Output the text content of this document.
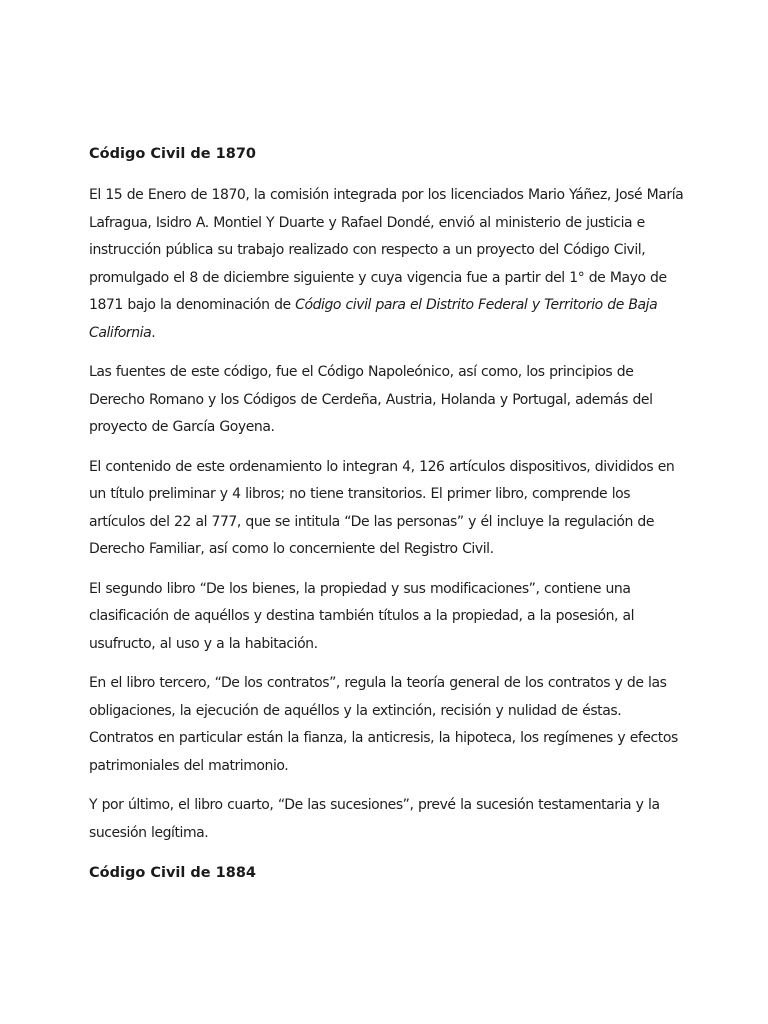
Código Civil de 1870

El 15 de Enero de 1870, la comisión integrada por los licenciados Mario Yáñez, José María Lafragua, Isidro A. Montiel Y Duarte y Rafael Dondé, envió al ministerio de justicia e instrucción pública su trabajo realizado con respecto a un proyecto del Código Civil, promulgado el 8 de diciembre siguiente y cuya vigencia fue a partir del 1° de Mayo de 1871 bajo la denominación de Código civil para el Distrito Federal y Territorio de Baja California.

Las fuentes de este código, fue el Código Napoleónico, así como, los principios de Derecho Romano y los Códigos de Cerdeña, Austria, Holanda y Portugal, además del proyecto de García Goyena.

El contenido de este ordenamiento lo integran 4, 126 artículos dispositivos, divididos en un título preliminar y 4 libros; no tiene transitorios. El primer libro, comprende los artículos del 22 al 777, que se intitula “De las personas” y él incluye la regulación de Derecho Familiar, así como lo concerniente del Registro Civil.

El segundo libro “De los bienes, la propiedad y sus modificaciones”, contiene una clasificación de aquéllos y destina también títulos a la propiedad, a la posesión, al usufructo, al uso y a la habitación.

En el libro tercero, “De los contratos”, regula la teoría general de los contratos y de las obligaciones, la ejecución de aquéllos y la extinción, recisión y nulidad de éstas. Contratos en particular están la fianza, la anticresis, la hipoteca, los regímenes y efectos patrimoniales del matrimonio.

Y por último, el libro cuarto, “De las sucesiones”, prevé la sucesión testamentaria y la sucesión legítima.

Código Civil de 1884
